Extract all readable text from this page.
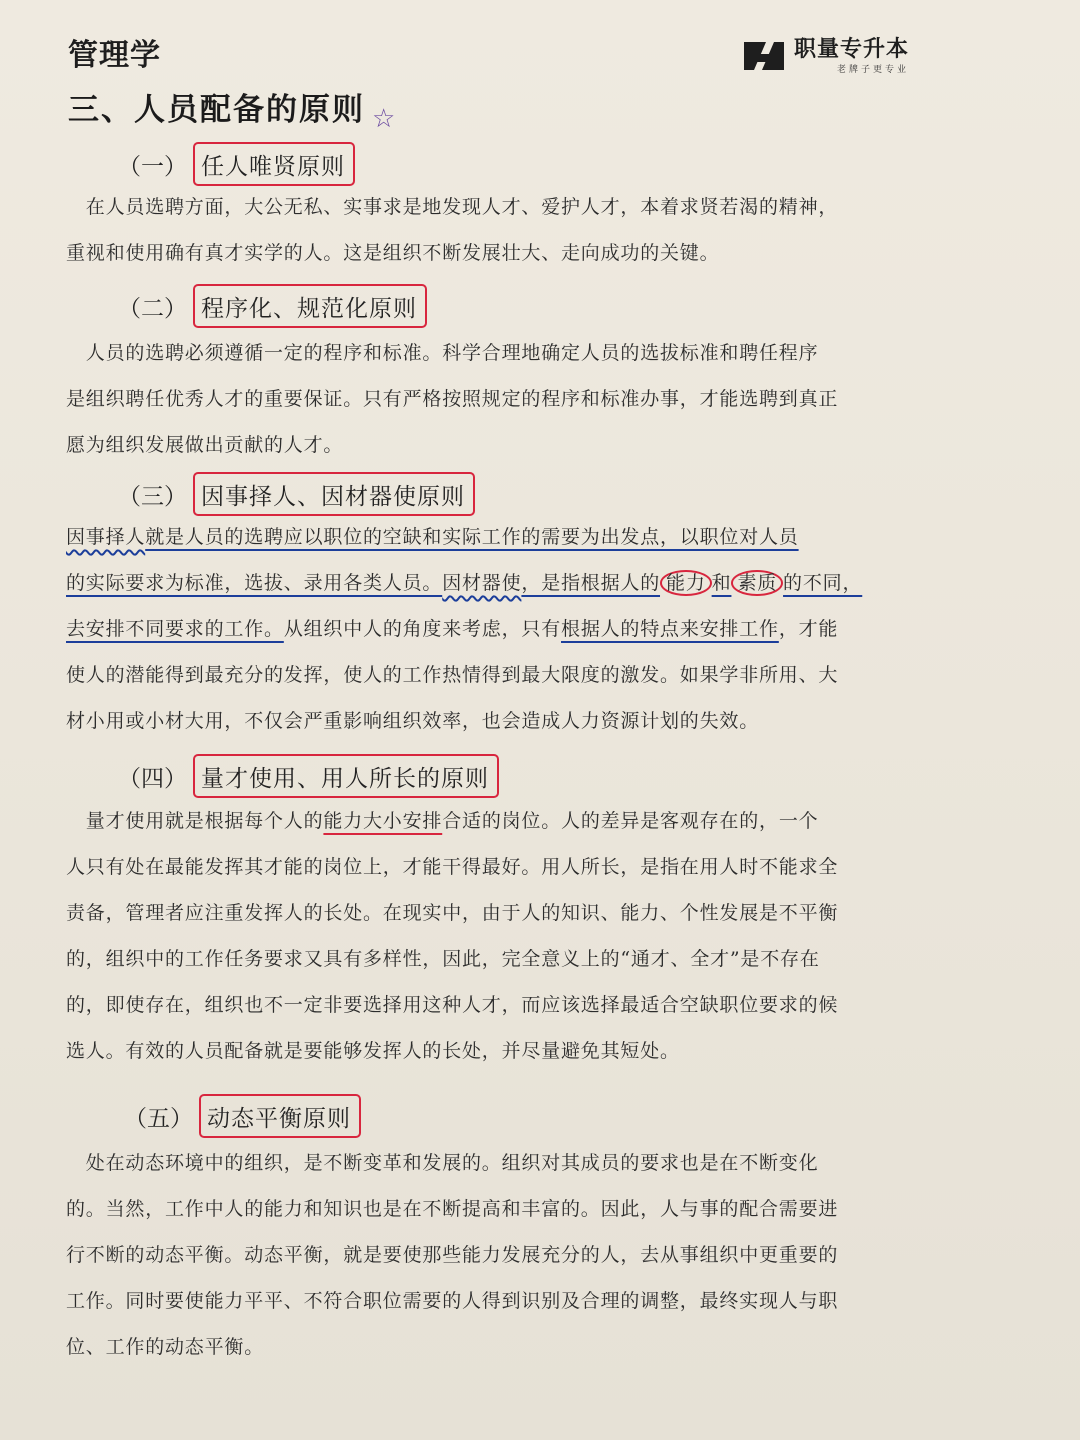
管理学	职量专升本
老牌子更专业
三、人员配备的原则 ☆
（一） 任人唯贤原则
　在人员选聘方面，大公无私、实事求是地发现人才、爱护人才，本着求贤若渴的精神，
重视和使用确有真才实学的人。这是组织不断发展壮大、走向成功的关键。
（二） 程序化、规范化原则
　人员的选聘必须遵循一定的程序和标准。科学合理地确定人员的选拔标准和聘任程序
是组织聘任优秀人才的重要保证。只有严格按照规定的程序和标准办事，才能选聘到真正
愿为组织发展做出贡献的人才。
（三） 因事择人、因材器使原则
因事择人就是人员的选聘应以职位的空缺和实际工作的需要为出发点，以职位对人员
的实际要求为标准，选拔、录用各类人员。因材器使，是指根据人的 能力 和 素质 的不同，
去安排不同要求的工作。从组织中人的角度来考虑，只有根据人的特点来安排工作，才能
使人的潜能得到最充分的发挥，使人的工作热情得到最大限度的激发。如果学非所用、大
材小用或小材大用，不仅会严重影响组织效率，也会造成人力资源计划的失效。
（四） 量才使用、用人所长的原则
　量才使用就是根据每个人的能力大小安排合适的岗位。人的差异是客观存在的，一个
人只有处在最能发挥其才能的岗位上，才能干得最好。用人所长，是指在用人时不能求全
责备，管理者应注重发挥人的长处。在现实中，由于人的知识、能力、个性发展是不平衡
的，组织中的工作任务要求又具有多样性，因此，完全意义上的“通才、全才”是不存在
的，即使存在，组织也不一定非要选择用这种人才，而应该选择最适合空缺职位要求的候
选人。有效的人员配备就是要能够发挥人的长处，并尽量避免其短处。
（五） 动态平衡原则
　处在动态环境中的组织，是不断变革和发展的。组织对其成员的要求也是在不断变化
的。当然，工作中人的能力和知识也是在不断提高和丰富的。因此，人与事的配合需要进
行不断的动态平衡。动态平衡，就是要使那些能力发展充分的人，去从事组织中更重要的
工作。同时要使能力平平、不符合职位需要的人得到识别及合理的调整，最终实现人与职
位、工作的动态平衡。
